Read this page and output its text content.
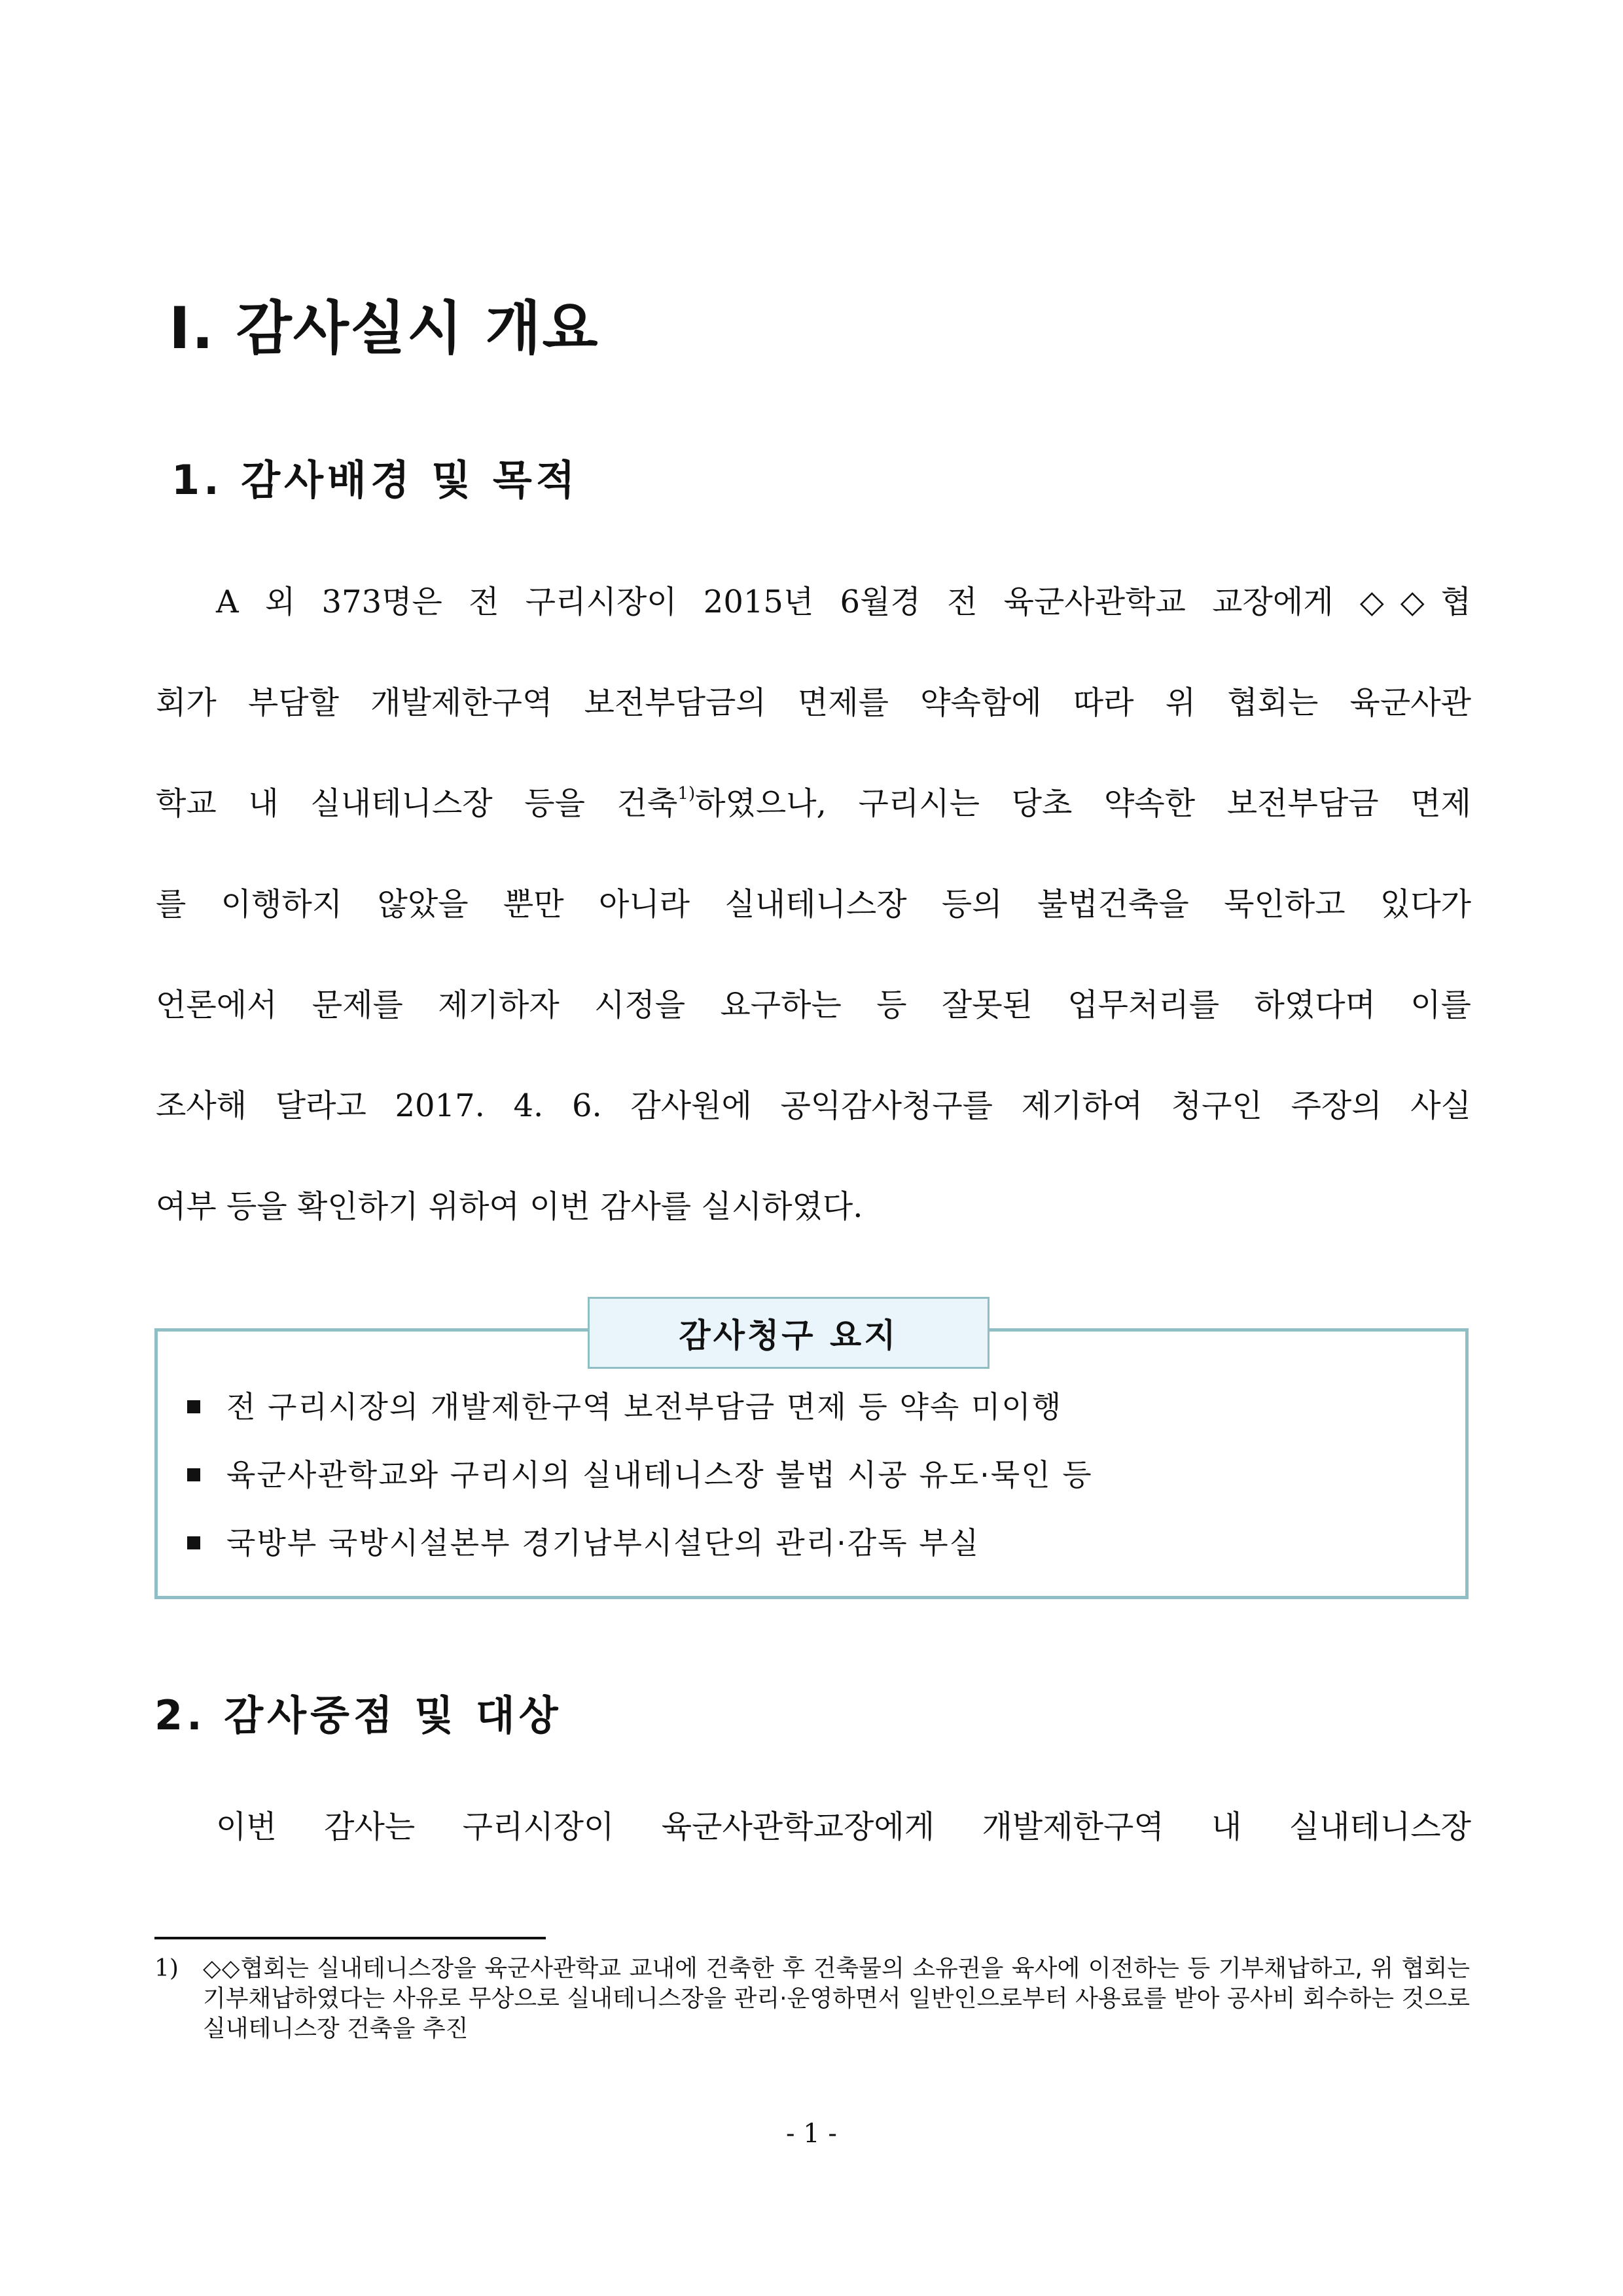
Ⅰ. 감사실시 개요
1. 감사배경 및 목적
A 외 373명은 전 구리시장이 2015년 6월경 전 육군사관학교 교장에게 ◇◇협
회가 부담할 개발제한구역 보전부담금의 면제를 약속함에 따라 위 협회는 육군사관
학교 내 실내테니스장 등을 건축$^{1)}$하였으나, 구리시는 당초 약속한 보전부담금 면제
를 이행하지 않았을 뿐만 아니라 실내테니스장 등의 불법건축을 묵인하고 있다가
언론에서 문제를 제기하자 시정을 요구하는 등 잘못된 업무처리를 하였다며 이를
조사해 달라고 2017. 4. 6. 감사원에 공익감사청구를 제기하여 청구인 주장의 사실
여부 등을 확인하기 위하여 이번 감사를 실시하였다.
감사청구 요지
전 구리시장의 개발제한구역 보전부담금 면제 등 약속 미이행
육군사관학교와 구리시의 실내테니스장 불법 시공 유도·묵인 등
국방부 국방시설본부 경기남부시설단의 관리·감독 부실
2. 감사중점 및 대상
이번 감사는 구리시장이 육군사관학교장에게 개발제한구역 내 실내테니스장
1) ◇◇협회는 실내테니스장을 육군사관학교 교내에 건축한 후 건축물의 소유권을 육사에 이전하는 등 기부채납하고, 위 협회는 기부채납하였다는 사유로 무상으로 실내테니스장을 관리·운영하면서 일반인으로부터 사용료를 받아 공사비 회수하는 것으로 실내테니스장 건축을 추진
- 1 -
